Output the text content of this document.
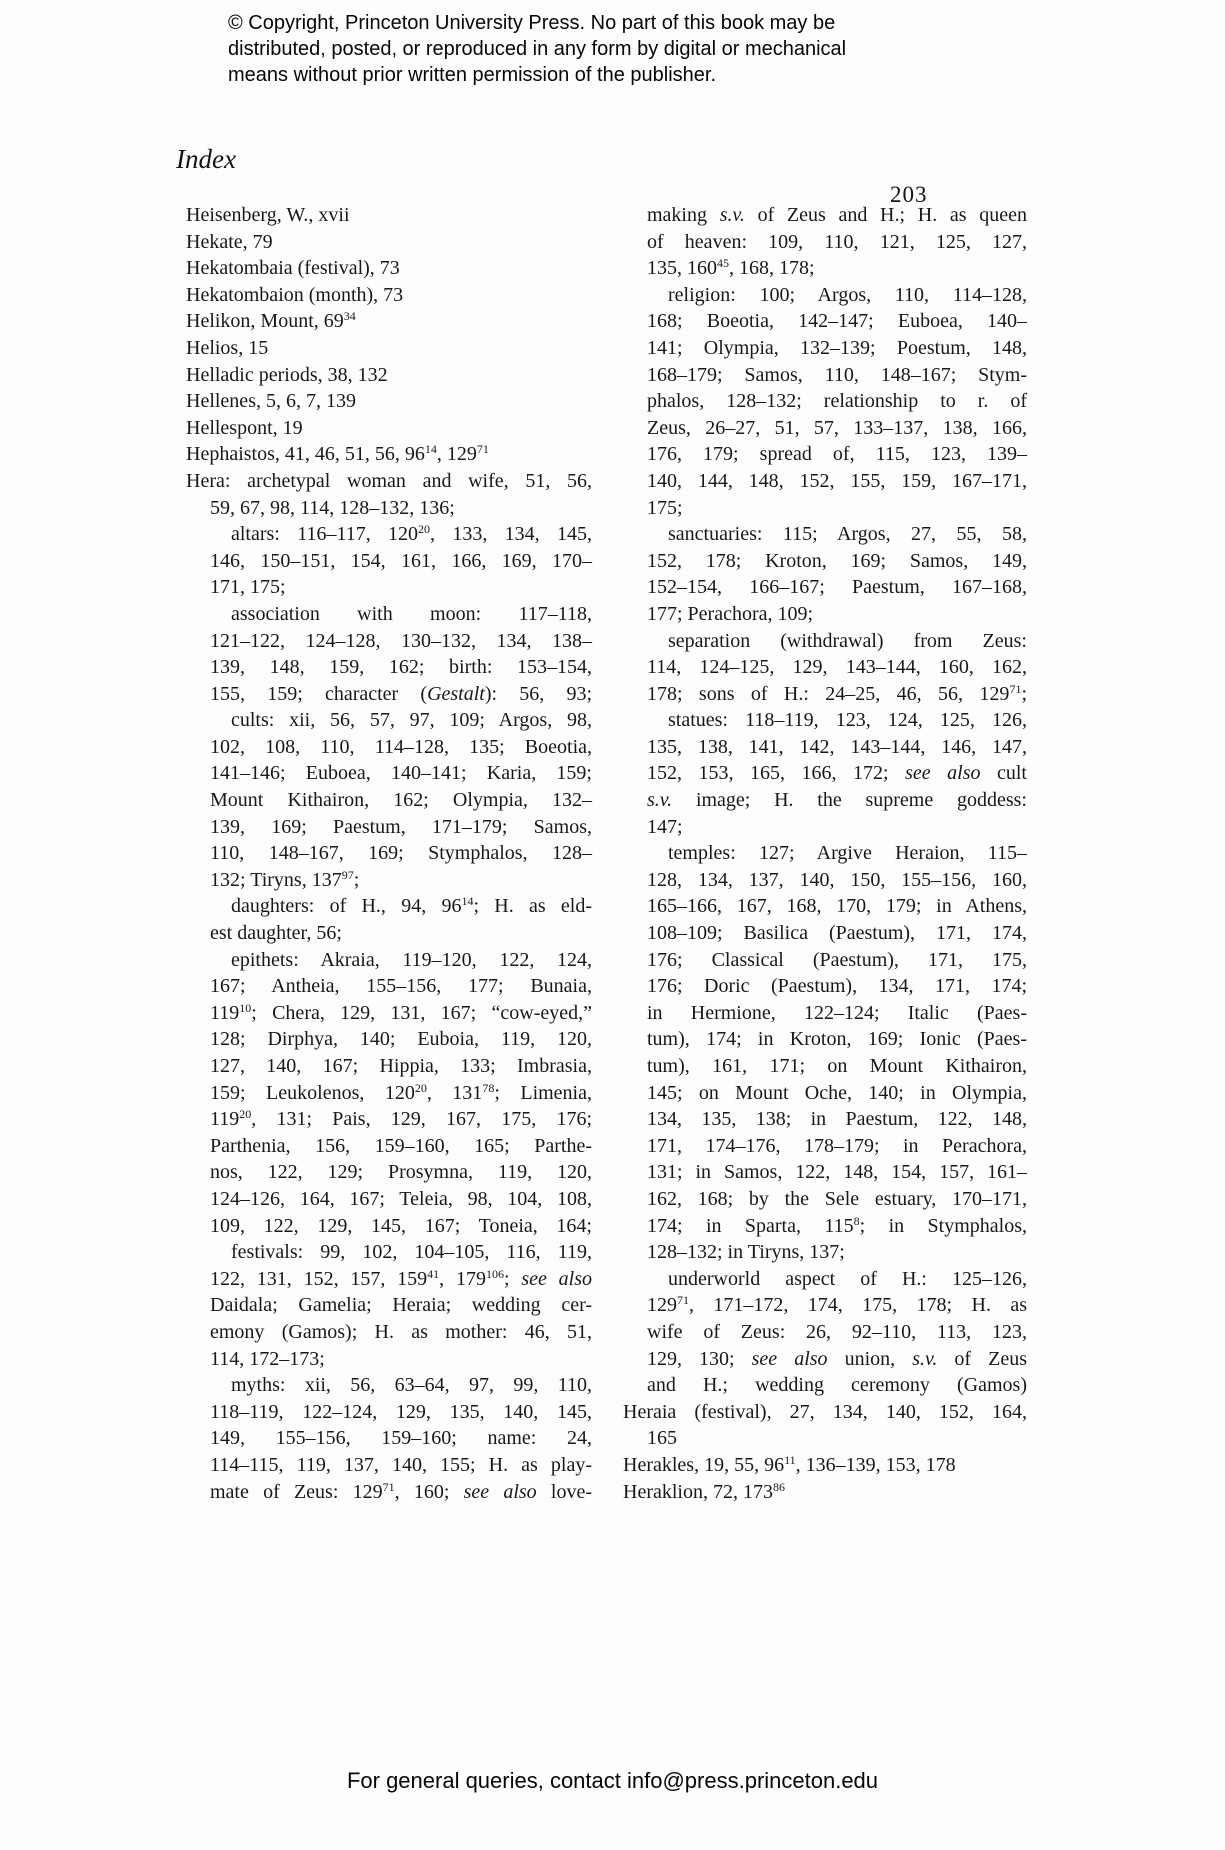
© Copyright, Princeton University Press. No part of this book may be
distributed, posted, or reproduced in any form by digital or mechanical
means without prior written permission of the publisher.
Index
203
Heisenberg, W., xvii
Hekate, 79
Hekatombaia (festival), 73
Hekatombaion (month), 73
Helikon, Mount, $69^{34}$
Helios, 15
Helladic periods, 38, 132
Hellenes, 5, 6, 7, 139
Hellespont, 19
Hephaistos, 41, 46, 51, 56, $96^{14}$, $129^{71}$
Hera: archetypal woman and wife, 51, 56,
59, 67, 98, 114, 128–132, 136;
altars: 116–117, $120^{20}$, 133, 134, 145,
146, 150–151, 154, 161, 166, 169, 170–
171, 175;
association with moon: 117–118,
121–122, 124–128, 130–132, 134, 138–
139, 148, 159, 162; birth: 153–154,
155, 159; character (Gestalt): 56, 93;
cults: xii, 56, 57, 97, 109; Argos, 98,
102, 108, 110, 114–128, 135; Boeotia,
141–146; Euboea, 140–141; Karia, 159;
Mount Kithairon, 162; Olympia, 132–
139, 169; Paestum, 171–179; Samos,
110, 148–167, 169; Stymphalos, 128–
132; Tiryns, $137^{97}$;
daughters: of H., 94, $96^{14}$; H. as eld-
est daughter, 56;
epithets: Akraia, 119–120, 122, 124,
167; Antheia, 155–156, 177; Bunaia,
$119^{10}$; Chera, 129, 131, 167; “cow-eyed,”
128; Dirphya, 140; Euboia, 119, 120,
127, 140, 167; Hippia, 133; Imbrasia,
159; Leukolenos, $120^{20}$, $131^{78}$; Limenia,
$119^{20}$, 131; Pais, 129, 167, 175, 176;
Parthenia, 156, 159–160, 165; Parthe-
nos, 122, 129; Prosymna, 119, 120,
124–126, 164, 167; Teleia, 98, 104, 108,
109, 122, 129, 145, 167; Toneia, 164;
festivals: 99, 102, 104–105, 116, 119,
122, 131, 152, 157, $159^{41}$, $179^{106}$; see also
Daidala; Gamelia; Heraia; wedding cer-
emony (Gamos); H. as mother: 46, 51,
114, 172–173;
myths: xii, 56, 63–64, 97, 99, 110,
118–119, 122–124, 129, 135, 140, 145,
149, 155–156, 159–160; name: 24,
114–115, 119, 137, 140, 155; H. as play-
mate of Zeus: $129^{71}$, 160; see also love-
making s.v. of Zeus and H.; H. as queen
of heaven: 109, 110, 121, 125, 127,
135, $160^{45}$, 168, 178;
religion: 100; Argos, 110, 114–128,
168; Boeotia, 142–147; Euboea, 140–
141; Olympia, 132–139; Poestum, 148,
168–179; Samos, 110, 148–167; Stym-
phalos, 128–132; relationship to r. of
Zeus, 26–27, 51, 57, 133–137, 138, 166,
176, 179; spread of, 115, 123, 139–
140, 144, 148, 152, 155, 159, 167–171,
175;
sanctuaries: 115; Argos, 27, 55, 58,
152, 178; Kroton, 169; Samos, 149,
152–154, 166–167; Paestum, 167–168,
177; Perachora, 109;
separation (withdrawal) from Zeus:
114, 124–125, 129, 143–144, 160, 162,
178; sons of H.: 24–25, 46, 56, $129^{71}$;
statues: 118–119, 123, 124, 125, 126,
135, 138, 141, 142, 143–144, 146, 147,
152, 153, 165, 166, 172; see also cult
s.v. image; H. the supreme goddess:
147;
temples: 127; Argive Heraion, 115–
128, 134, 137, 140, 150, 155–156, 160,
165–166, 167, 168, 170, 179; in Athens,
108–109; Basilica (Paestum), 171, 174,
176; Classical (Paestum), 171, 175,
176; Doric (Paestum), 134, 171, 174;
in Hermione, 122–124; Italic (Paes-
tum), 174; in Kroton, 169; Ionic (Paes-
tum), 161, 171; on Mount Kithairon,
145; on Mount Oche, 140; in Olympia,
134, 135, 138; in Paestum, 122, 148,
171, 174–176, 178–179; in Perachora,
131; in Samos, 122, 148, 154, 157, 161–
162, 168; by the Sele estuary, 170–171,
174; in Sparta, $115^8$; in Stymphalos,
128–132; in Tiryns, 137;
underworld aspect of H.: 125–126,
$129^{71}$, 171–172, 174, 175, 178; H. as
wife of Zeus: 26, 92–110, 113, 123,
129, 130; see also union, s.v. of Zeus
and H.; wedding ceremony (Gamos)
Heraia (festival), 27, 134, 140, 152, 164,
165
Herakles, 19, 55, $96^{11}$, 136–139, 153, 178
Heraklion, 72, $173^{86}$
For general queries, contact info@press.princeton.edu
